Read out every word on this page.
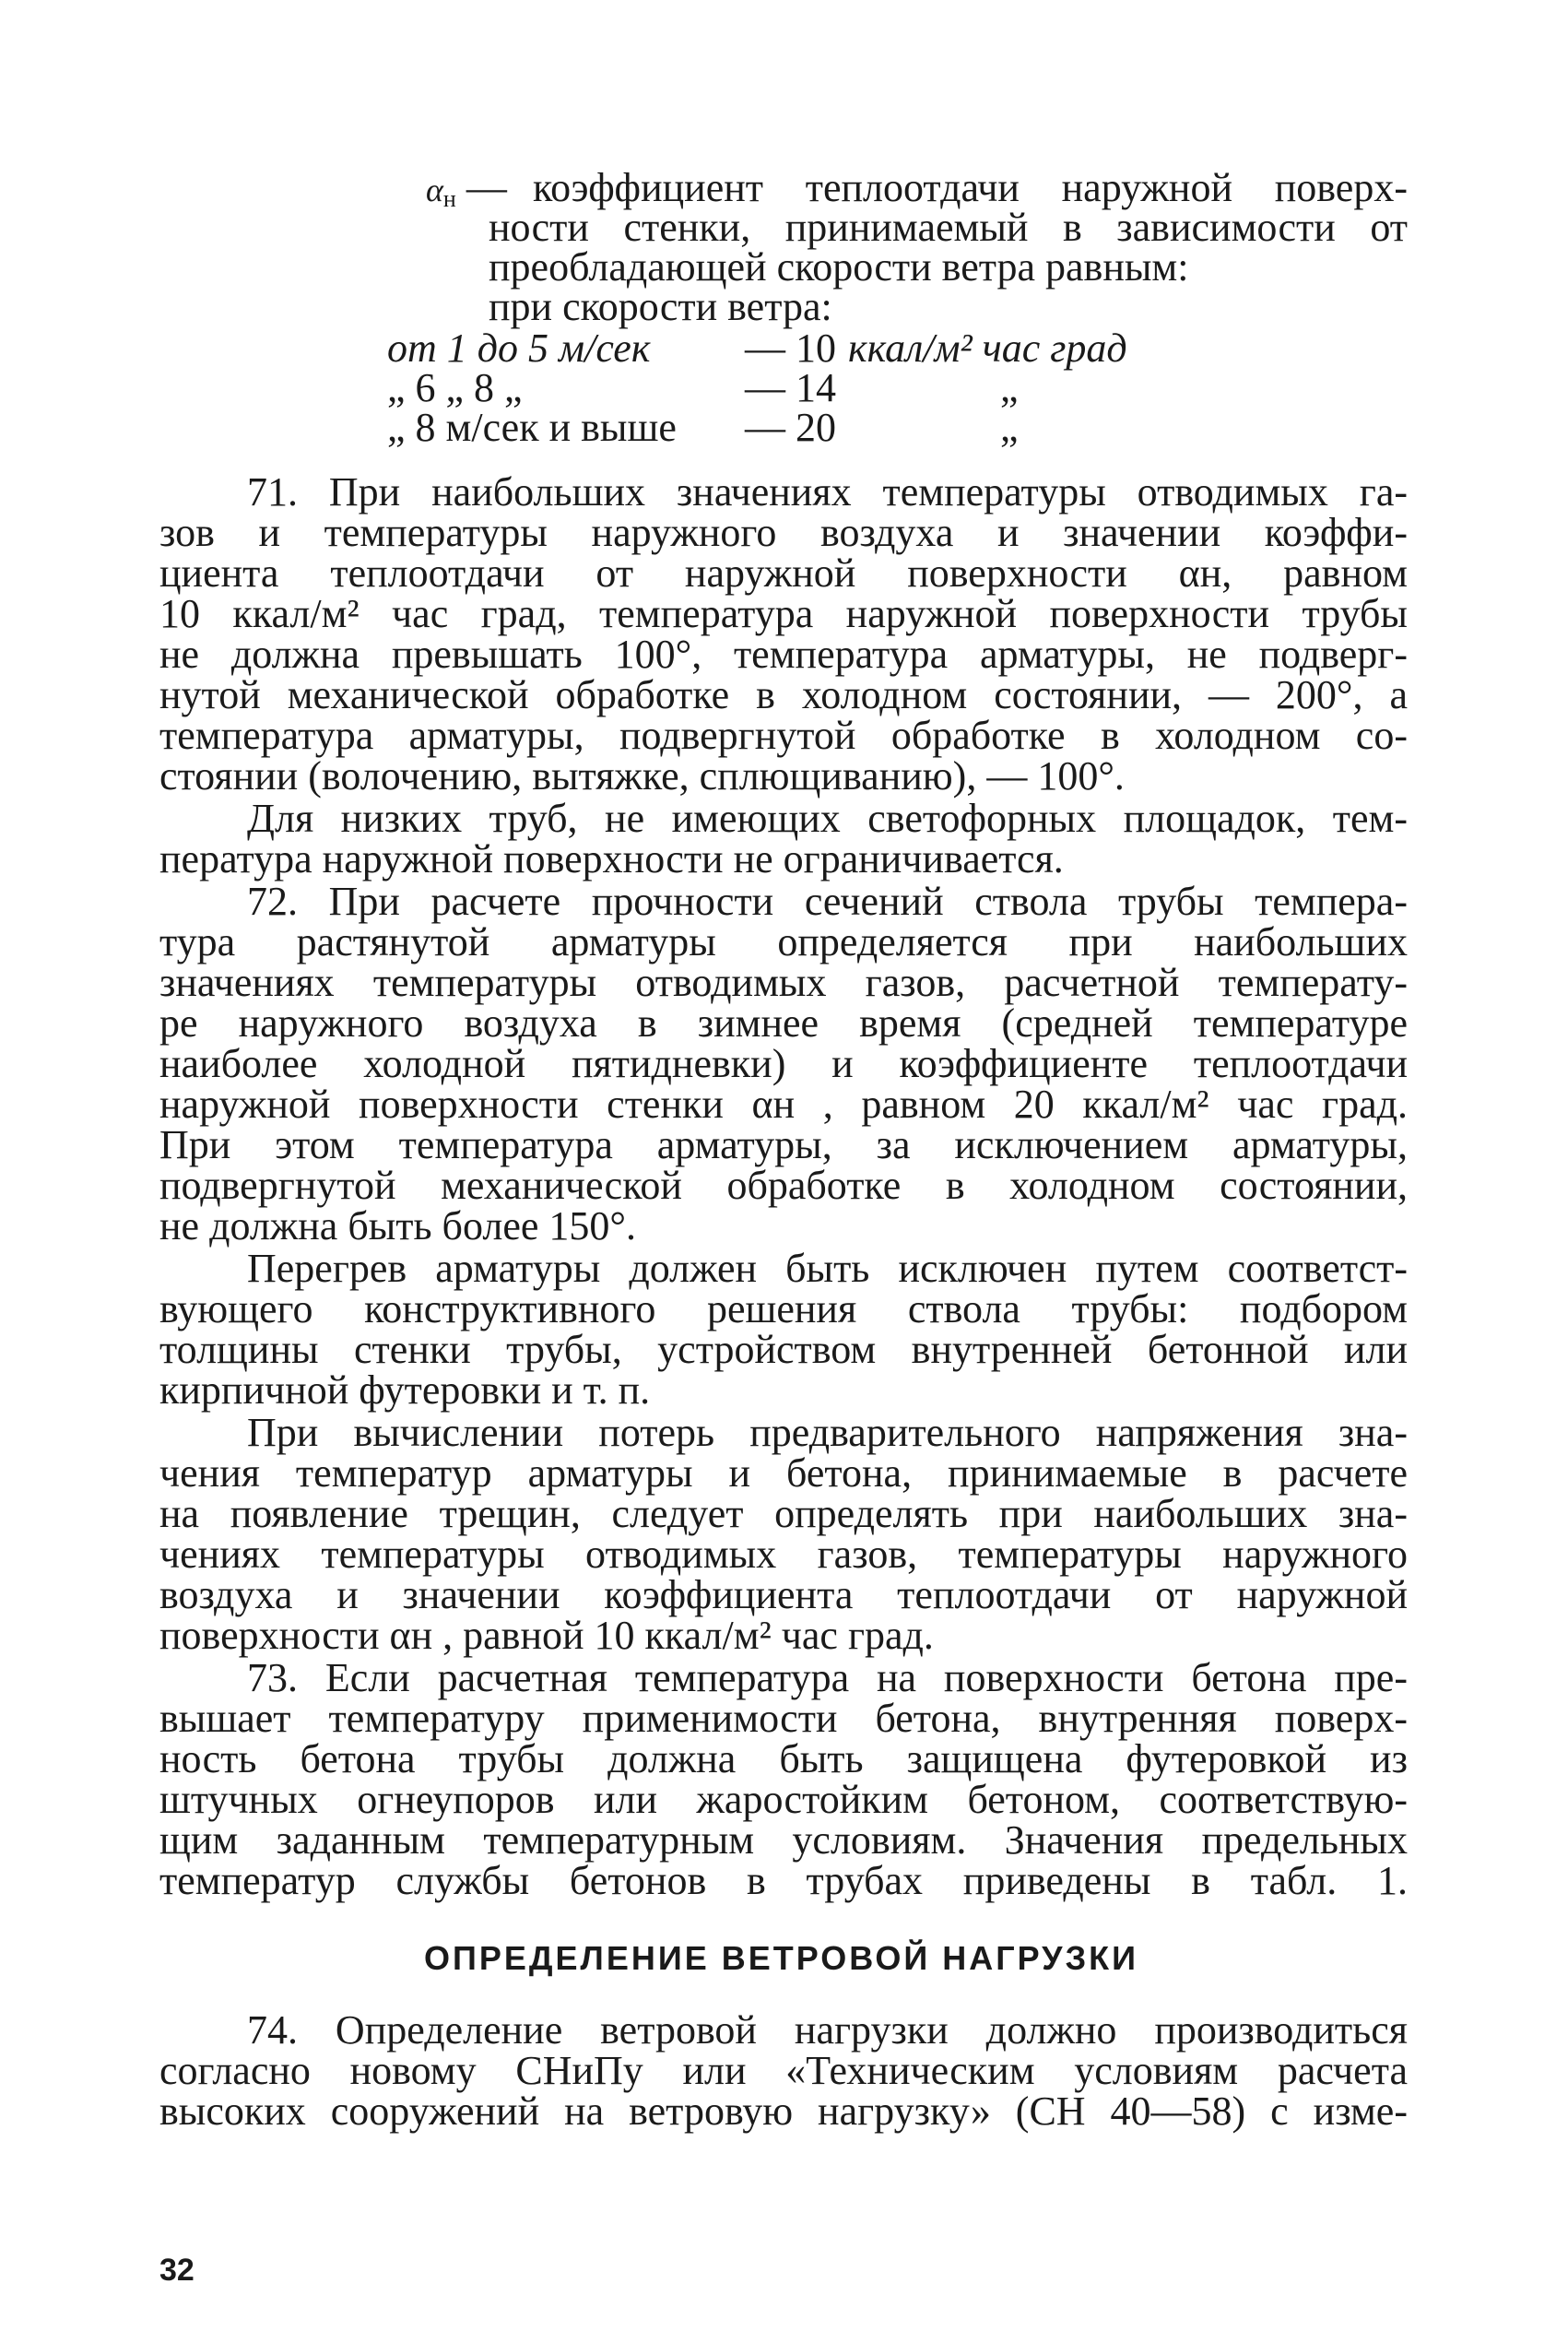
$\alpha_н$ — коэффициент теплоотдачи наружной поверх-
ности стенки, принимаемый в зависимости от
преобладающей скорости ветра равным:
при скорости ветра:
от 1 до 5 м/сек — 10 ккал/м² час град
„ 6 „ 8 „	— 14	„
„ 8 м/сек и выше — 20	„
71. При наибольших значениях температуры отводимых га-
зов и температуры наружного воздуха и значении коэффи-
циента теплоотдачи от наружной поверхности αн, равном
10 ккал/м² час град, температура наружной поверхности трубы
не должна превышать 100°, температура арматуры, не подверг-
нутой механической обработке в холодном состоянии, — 200°, а
температура арматуры, подвергнутой обработке в холодном со-
стоянии (волочению, вытяжке, сплющиванию), — 100°.
Для низких труб, не имеющих светофорных площадок, тем-
пература наружной поверхности не ограничивается.
72. При расчете прочности сечений ствола трубы темпера-
тура растянутой арматуры определяется при наибольших
значениях температуры отводимых газов, расчетной температу-
ре наружного воздуха в зимнее время (средней температуре
наиболее холодной пятидневки) и коэффициенте теплоотдачи
наружной поверхности стенки αн , равном 20 ккал/м² час град.
При этом температура арматуры, за исключением арматуры,
подвергнутой механической обработке в холодном состоянии,
не должна быть более 150°.
Перегрев арматуры должен быть исключен путем соответст-
вующего конструктивного решения ствола трубы: подбором
толщины стенки трубы, устройством внутренней бетонной или
кирпичной футеровки и т. п.
При вычислении потерь предварительного напряжения зна-
чения температур арматуры и бетона, принимаемые в расчете
на появление трещин, следует определять при наибольших зна-
чениях температуры отводимых газов, температуры наружного
воздуха и значении коэффициента теплоотдачи от наружной
поверхности αн , равной 10 ккал/м² час град.
73. Если расчетная температура на поверхности бетона пре-
вышает температуру применимости бетона, внутренняя поверх-
ность бетона трубы должна быть защищена футеровкой из
штучных огнеупоров или жаростойким бетоном, соответствую-
щим заданным температурным условиям. Значения предельных
температур службы бетонов в трубах приведены в табл. 1.
ОПРЕДЕЛЕНИЕ ВЕТРОВОЙ НАГРУЗКИ
74. Определение ветровой нагрузки должно производиться
согласно новому СНиПу или «Техническим условиям расчета
высоких сооружений на ветровую нагрузку» (СН 40—58) с изме-
32
